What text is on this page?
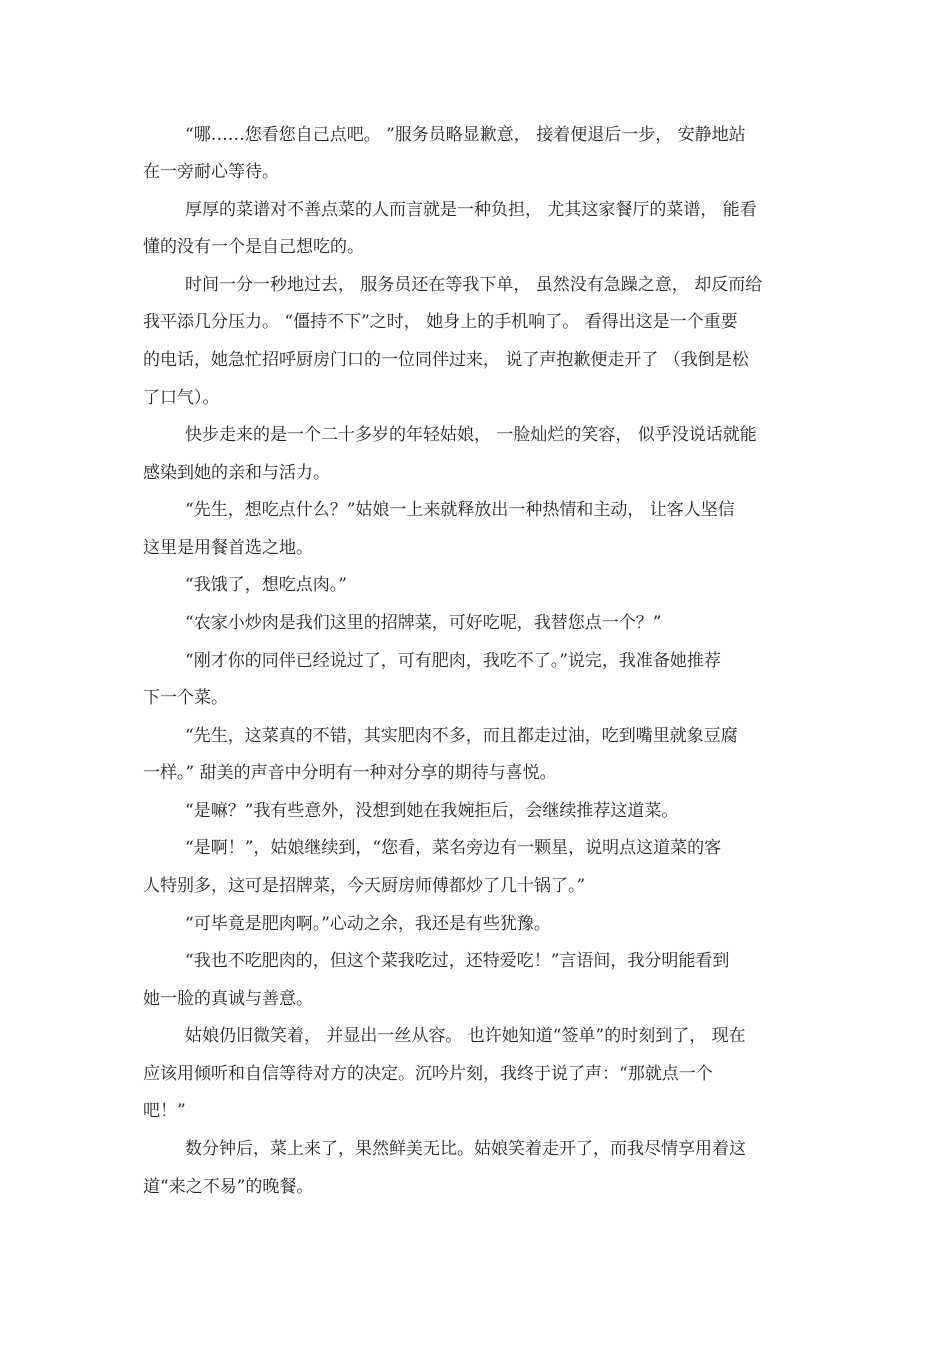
“哪……您看您自己点吧。 ”服务员略显歉意， 接着便退后一步， 安静地站
在一旁耐心等待。
厚厚的菜谱对不善点菜的人而言就是一种负担， 尤其这家餐厅的菜谱， 能看
懂的没有一个是自己想吃的。
时间一分一秒地过去， 服务员还在等我下单， 虽然没有急躁之意， 却反而给
我平添几分压力。 “僵持不下”之时， 她身上的手机响了。 看得出这是一个重要
的电话，她急忙招呼厨房门口的一位同伴过来， 说了声抱歉便走开了 （我倒是松
了口气）。
快步走来的是一个二十多岁的年轻姑娘， 一脸灿烂的笑容， 似乎没说话就能
感染到她的亲和与活力。
“先生，想吃点什么？”姑娘一上来就释放出一种热情和主动， 让客人坚信
这里是用餐首选之地。
“我饿了，想吃点肉。”
“农家小炒肉是我们这里的招牌菜，可好吃呢，我替您点一个？”
“刚才你的同伴已经说过了，可有肥肉，我吃不了。”说完，我准备她推荐
下一个菜。
“先生，这菜真的不错，其实肥肉不多，而且都走过油，吃到嘴里就象豆腐
一样。” 甜美的声音中分明有一种对分享的期待与喜悦。
“是嘛？”我有些意外，没想到她在我婉拒后，会继续推荐这道菜。
“是啊！”，姑娘继续到，“您看，菜名旁边有一颗星，说明点这道菜的客
人特别多，这可是招牌菜，今天厨房师傅都炒了几十锅了。”
“可毕竟是肥肉啊。”心动之余，我还是有些犹豫。
“我也不吃肥肉的，但这个菜我吃过，还特爱吃！”言语间，我分明能看到
她一脸的真诚与善意。
姑娘仍旧微笑着， 并显出一丝从容。 也许她知道“签单”的时刻到了， 现在
应该用倾听和自信等待对方的决定。沉吟片刻，我终于说了声：“那就点一个
吧！”
数分钟后，菜上来了，果然鲜美无比。姑娘笑着走开了，而我尽情享用着这
道“来之不易”的晚餐。
